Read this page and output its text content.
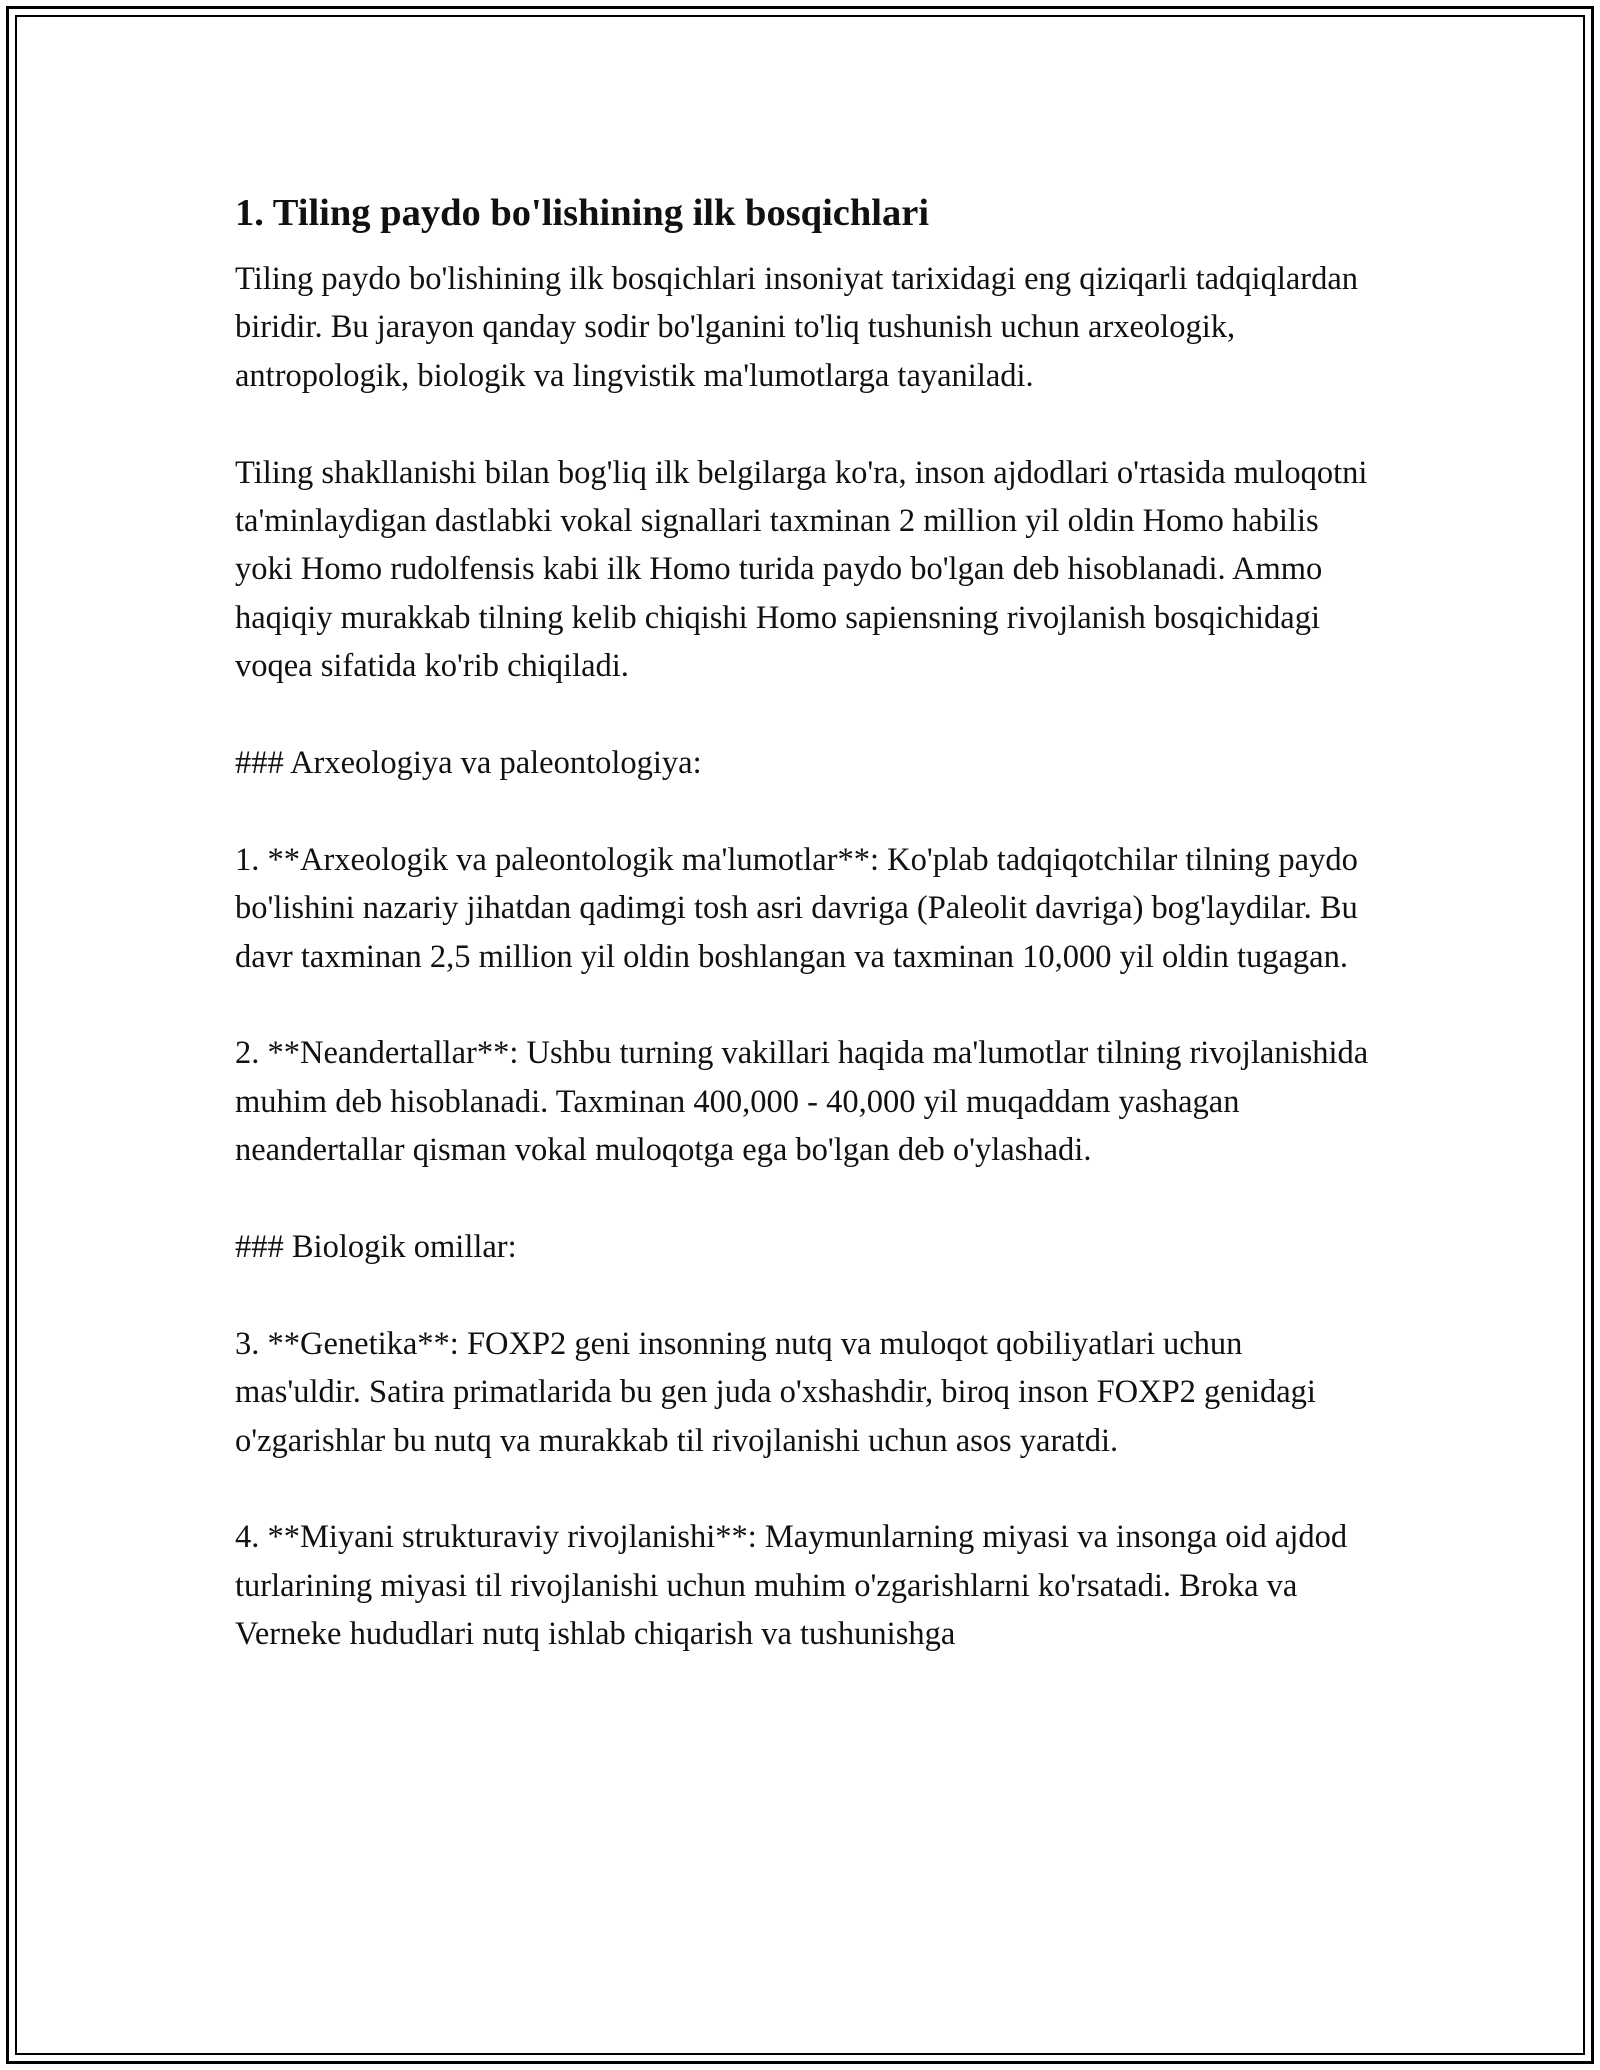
1. Tiling paydo bo'lishining ilk bosqichlari

Tiling paydo bo'lishining ilk bosqichlari insoniyat tarixidagi eng qiziqarli tadqiqlardan biridir. Bu jarayon qanday sodir bo'lganini to'liq tushunish uchun arxeologik, antropologik, biologik va lingvistik ma'lumotlarga tayaniladi.

Tiling shakllanishi bilan bog'liq ilk belgilarga ko'ra, inson ajdodlari o'rtasida muloqotni ta'minlaydigan dastlabki vokal signallari taxminan 2 million yil oldin Homo habilis yoki Homo rudolfensis kabi ilk Homo turida paydo bo'lgan deb hisoblanadi. Ammo haqiqiy murakkab tilning kelib chiqishi Homo sapiensning rivojlanish bosqichidagi voqea sifatida ko'rib chiqiladi.

### Arxeologiya va paleontologiya:

1. **Arxeologik va paleontologik ma'lumotlar**: Ko'plab tadqiqotchilar tilning paydo bo'lishini nazariy jihatdan qadimgi tosh asri davriga (Paleolit davriga) bog'laydilar. Bu davr taxminan 2,5 million yil oldin boshlangan va taxminan 10,000 yil oldin tugagan.

2. **Neandertallar**: Ushbu turning vakillari haqida ma'lumotlar tilning rivojlanishida muhim deb hisoblanadi. Taxminan 400,000 - 40,000 yil muqaddam yashagan neandertallar qisman vokal muloqotga ega bo'lgan deb o'ylashadi.

### Biologik omillar:

3. **Genetika**: FOXP2 geni insonning nutq va muloqot qobiliyatlari uchun mas'uldir. Satira primatlarida bu gen juda o'xshashdir, biroq inson FOXP2 genidagi o'zgarishlar bu nutq va murakkab til rivojlanishi uchun asos yaratdi.

4. **Miyani strukturaviy rivojlanishi**: Maymunlarning miyasi va insonga oid ajdod turlarining miyasi til rivojlanishi uchun muhim o'zgarishlarni ko'rsatadi. Broka va Verneke hududlari nutq ishlab chiqarish va tushunishga
